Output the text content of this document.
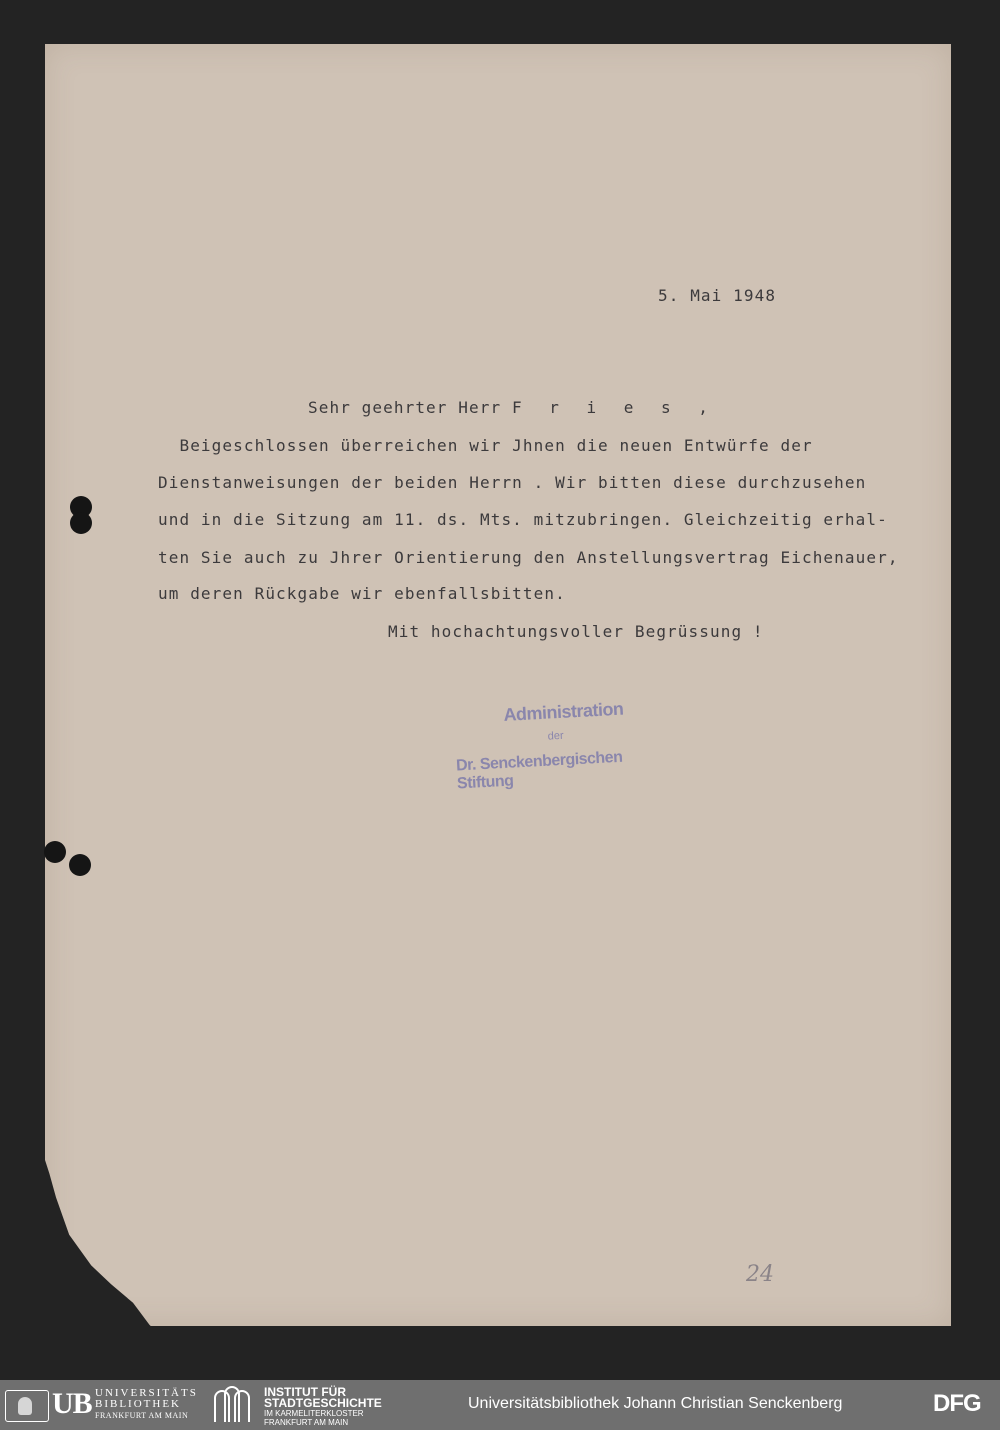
5. Mai 1948
Sehr geehrter Herr F r i e s ,
Beigeschlossen überreichen wir Jhnen die neuen Entwürfe der
Dienstanweisungen der beiden Herrn . Wir bitten diese durchzusehen
und in die Sitzung am 11. ds. Mts. mitzubringen. Gleichzeitig erhal-
ten Sie auch zu Jhrer Orientierung den Anstellungsvertrag Eichenauer,
um deren Rückgabe wir ebenfallsbitten.
Mit hochachtungsvoller Begrüssung !
Administration
der
Dr. Senckenbergischen Stiftung
24
UB UNIVERSITÄTS
BIBLIOTHEK
FRANKFURT AM MAIN
INSTITUT FÜR
STADTGESCHICHTE
IM KARMELITERKLOSTER
FRANKFURT AM MAIN
Universitätsbibliothek Johann Christian Senckenberg	DFG
